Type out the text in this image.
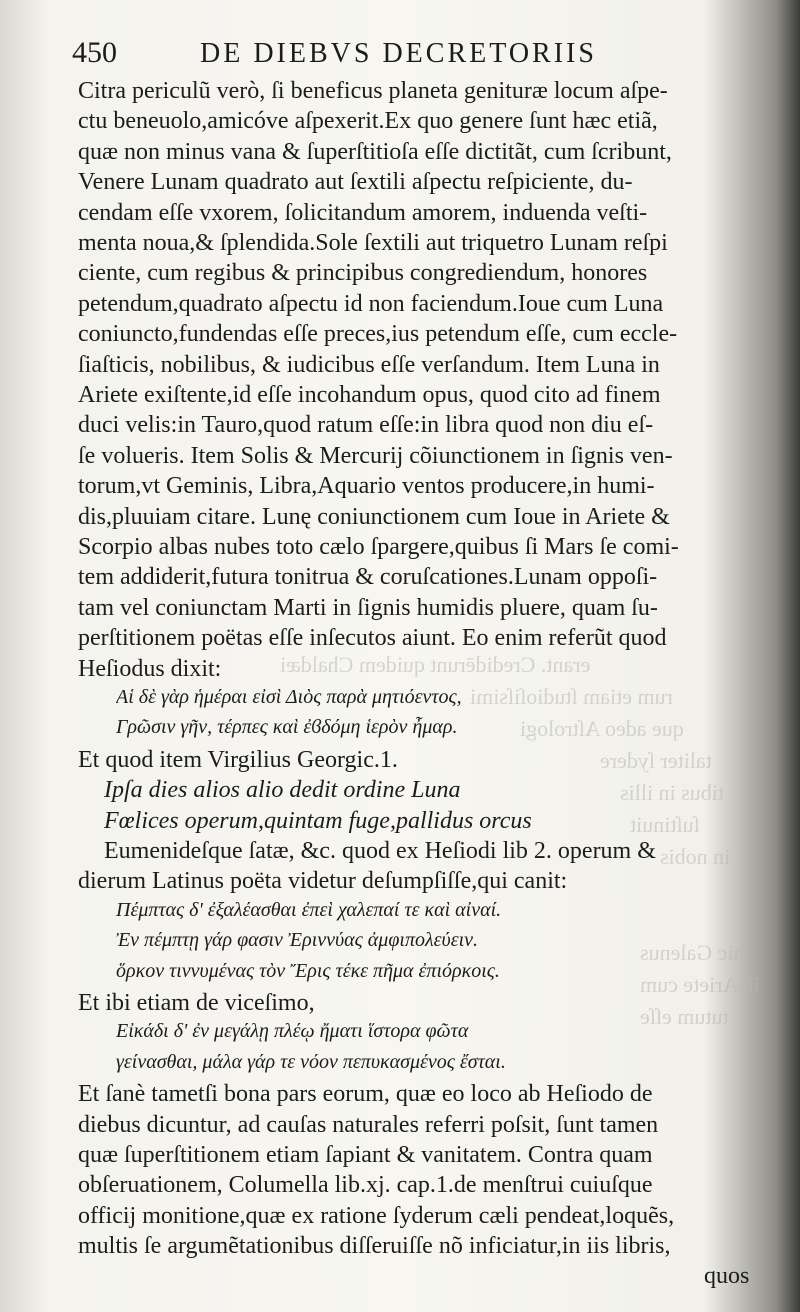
450	DE DIEBVS DECRETORIIS
erant. Credidērunt quidem Chaldæi
rum etiam ſtudioſiſsimi
que adeo Aſtrologi
taliter ſydere
tibus in illis
ſuſtinuit
in nobis
hic Galenus
in Ariete cum
tutum eſſe
Citra periculũ verò, ſi beneficus planeta genituræ locum aſpe-
ctu beneuolo,amicóve aſpexerit.Ex quo genere ſunt hæc etiã,
quæ non minus vana & ſuperſtitioſa eſſe dictitãt, cum ſcribunt,
Venere Lunam quadrato aut ſextili aſpectu reſpiciente, du-
cendam eſſe vxorem, ſolicitandum amorem, induenda veſti-
menta noua,& ſplendida.Sole ſextili aut triquetro Lunam reſpi
ciente, cum regibus & principibus congrediendum, honores
petendum,quadrato aſpectu id non faciendum.Ioue cum Luna
coniuncto,fundendas eſſe preces,ius petendum eſſe, cum eccle-
ſiaſticis, nobilibus, & iudicibus eſſe verſandum. Item Luna in
Ariete exiſtente,id eſſe incohandum opus, quod cito ad finem
duci velis:in Tauro,quod ratum eſſe:in libra quod non diu eſ-
ſe volueris. Item Solis & Mercurij cõiunctionem in ſignis ven-
torum,vt Geminis, Libra,Aquario ventos producere,in humi-
dis,pluuiam citare. Lunę coniunctionem cum Ioue in Ariete &
Scorpio albas nubes toto cælo ſpargere,quibus ſi Mars ſe comi-
tem addiderit,futura tonitrua & coruſcationes.Lunam oppoſi-
tam vel coniunctam Marti in ſignis humidis pluere, quam ſu-
perſtitionem poëtas eſſe inſecutos aiunt. Eo enim referũt quod
Heſiodus dixit:
Αἱ δὲ γὰρ ἡμέραι εἰσὶ Διὸς παρὰ μητιόεντος,
Γρῶσιν γῆν, τέρπες καὶ ἐϐδόμη ἱερὸν ἦμαρ.
Et quod item Virgilius Georgic.1.
Ipſa dies alios alio dedit ordine Luna
Fœlices operum,quintam fuge,pallidus orcus
Eumenideſque ſatæ, &c. quod ex Heſiodi lib 2. operum &
dierum Latinus poëta videtur deſumpſiſſe,qui canit:
Πέμπτας δ' ἐξαλέασθαι ἐπεὶ χαλεπαί τε καὶ αἰναί.
Ἐν πέμπτῃ γάρ φασιν Ἐριννύας ἀμφιπολεύειν.
ὅρκον τιννυμένας τὸν Ἔρις τέκε πῆμα ἐπιόρκοις.
Et ibi etiam de viceſimo,
Εἰκάδι δ' ἐν μεγάλῃ πλέῳ ἤματι ἵστορα φῶτα
γείνασθαι, μάλα γάρ τε νόον πεπυκασμένος ἔσται.
Et ſanè tametſi bona pars eorum, quæ eo loco ab Heſiodo de
diebus dicuntur, ad cauſas naturales referri poſsit, ſunt tamen
quæ ſuperſtitionem etiam ſapiant & vanitatem. Contra quam
obſeruationem, Columella lib.xj. cap.1.de menſtrui cuiuſque
officij monitione,quæ ex ratione ſyderum cæli pendeat,loquẽs,
multis ſe argumẽtationibus diſſeruiſſe nõ inficiatur,in iis libris,
quos
